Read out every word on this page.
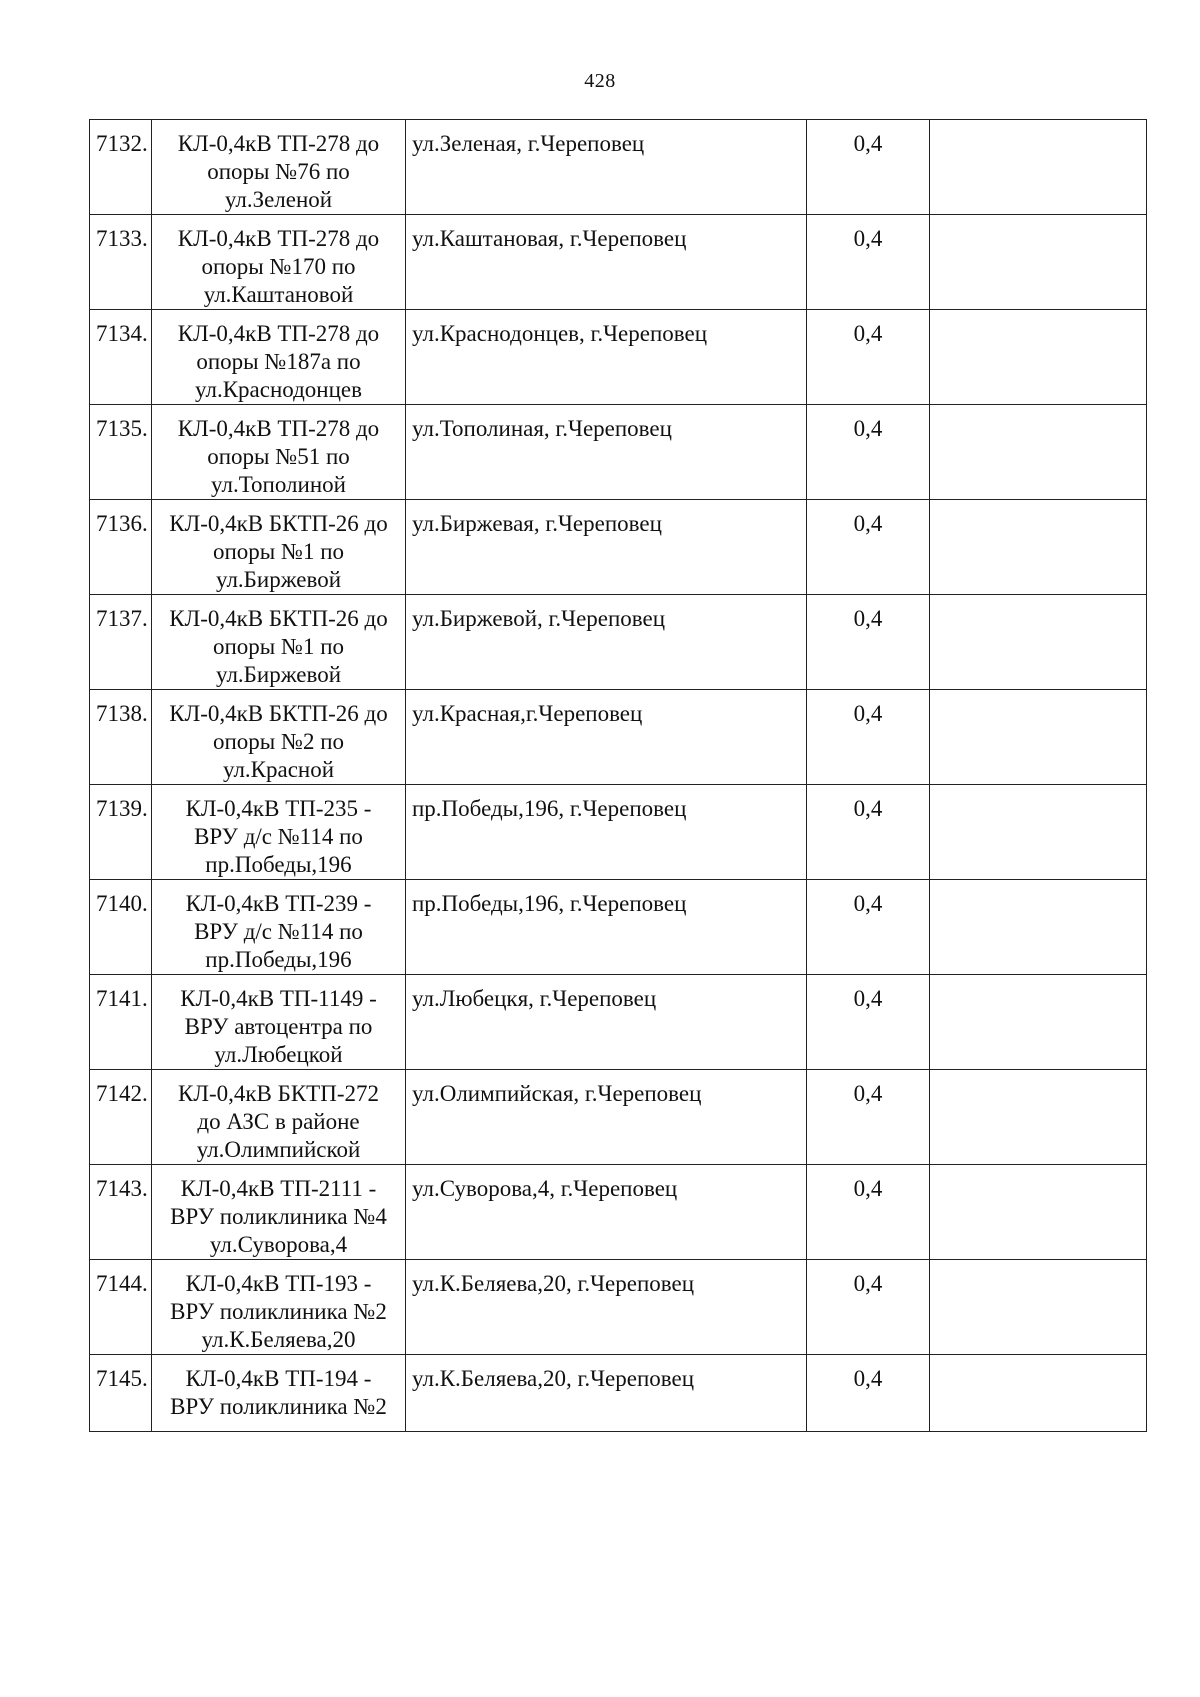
428
7132.	КЛ-0,4кВ ТП-278 до
опоры №76 по
ул.Зеленой	ул.Зеленая, г.Череповец	0,4	
7133.	КЛ-0,4кВ ТП-278 до
опоры №170 по
ул.Каштановой	ул.Каштановая, г.Череповец	0,4	
7134.	КЛ-0,4кВ ТП-278 до
опоры №187а по
ул.Краснодонцев	ул.Краснодонцев, г.Череповец	0,4	
7135.	КЛ-0,4кВ ТП-278 до
опоры №51 по
ул.Тополиной	ул.Тополиная, г.Череповец	0,4	
7136.	КЛ-0,4кВ БКТП-26 до
опоры №1 по
ул.Биржевой	ул.Биржевая, г.Череповец	0,4	
7137.	КЛ-0,4кВ БКТП-26 до
опоры №1 по
ул.Биржевой	ул.Биржевой, г.Череповец	0,4	
7138.	КЛ-0,4кВ БКТП-26 до
опоры №2 по
ул.Красной	ул.Красная,г.Череповец	0,4	
7139.	КЛ-0,4кВ ТП-235 -
ВРУ д/с №114 по
пр.Победы,196	пр.Победы,196, г.Череповец	0,4	
7140.	КЛ-0,4кВ ТП-239 -
ВРУ д/с №114 по
пр.Победы,196	пр.Победы,196, г.Череповец	0,4	
7141.	КЛ-0,4кВ ТП-1149 -
ВРУ автоцентра по
ул.Любецкой	ул.Любецкя, г.Череповец	0,4	
7142.	КЛ-0,4кВ БКТП-272
до АЗС в районе
ул.Олимпийской	ул.Олимпийская, г.Череповец	0,4	
7143.	КЛ-0,4кВ ТП-2111 -
ВРУ поликлиника №4
ул.Суворова,4	ул.Суворова,4, г.Череповец	0,4	
7144.	КЛ-0,4кВ ТП-193 -
ВРУ поликлиника №2
ул.К.Беляева,20	ул.К.Беляева,20, г.Череповец	0,4	
7145.	КЛ-0,4кВ ТП-194 -
ВРУ поликлиника №2	ул.К.Беляева,20, г.Череповец	0,4	
